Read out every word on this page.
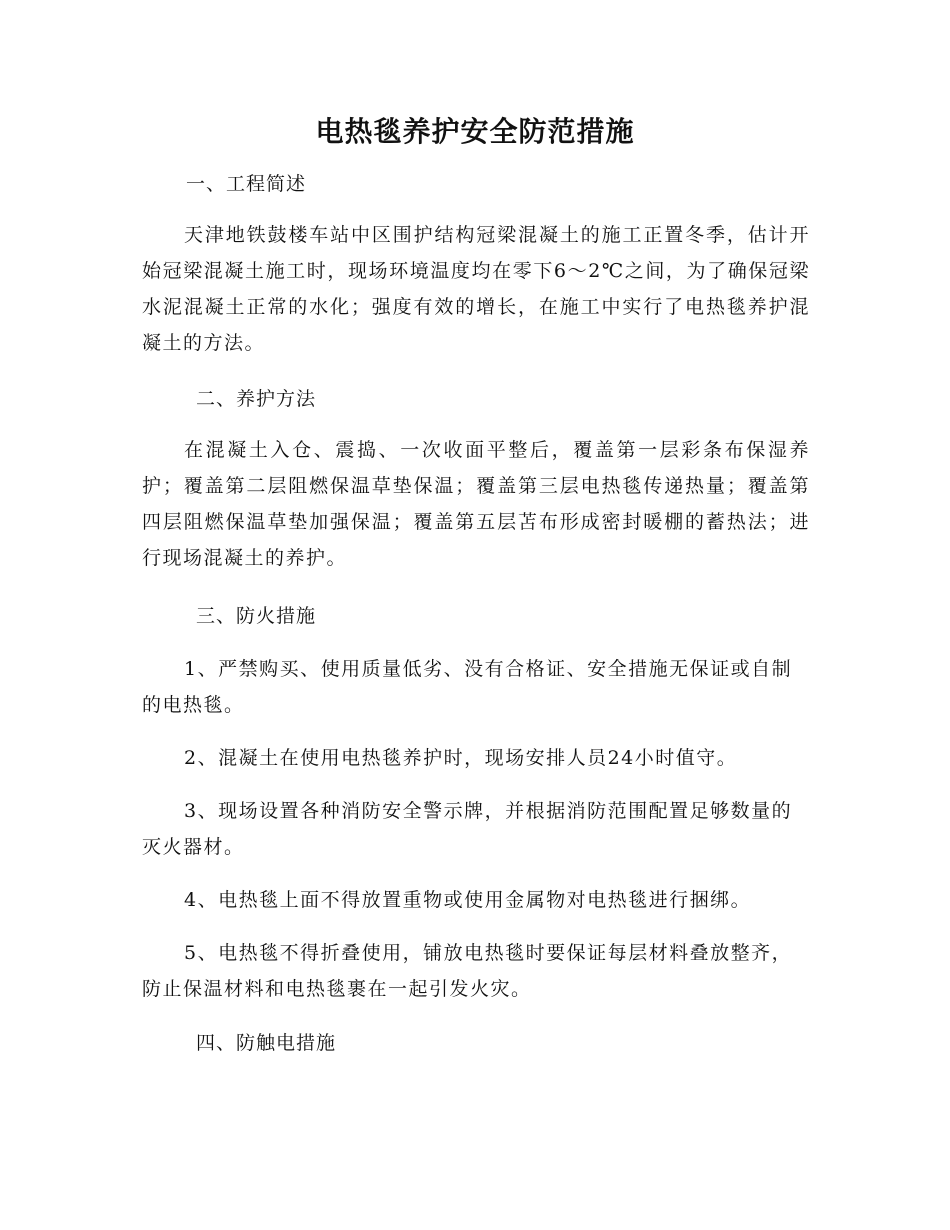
电热毯养护安全防范措施
一、工程简述
天津地铁鼓楼车站中区围护结构冠梁混凝土的施工正置冬季，估计开始冠梁混凝土施工时，现场环境温度均在零下6～2℃之间，为了确保冠梁水泥混凝土正常的水化；强度有效的增长，在施工中实行了电热毯养护混凝土的方法。
二、养护方法
在混凝土入仓、震捣、一次收面平整后，覆盖第一层彩条布保湿养护；覆盖第二层阻燃保温草垫保温；覆盖第三层电热毯传递热量；覆盖第四层阻燃保温草垫加强保温；覆盖第五层苫布形成密封暖棚的蓄热法；进行现场混凝土的养护。
三、防火措施
1、严禁购买、使用质量低劣、没有合格证、安全措施无保证或自制的电热毯。
2、混凝土在使用电热毯养护时，现场安排人员24小时值守。
3、现场设置各种消防安全警示牌，并根据消防范围配置足够数量的灭火器材。
4、电热毯上面不得放置重物或使用金属物对电热毯进行捆绑。
5、电热毯不得折叠使用，铺放电热毯时要保证每层材料叠放整齐，防止保温材料和电热毯裹在一起引发火灾。
四、防触电措施
